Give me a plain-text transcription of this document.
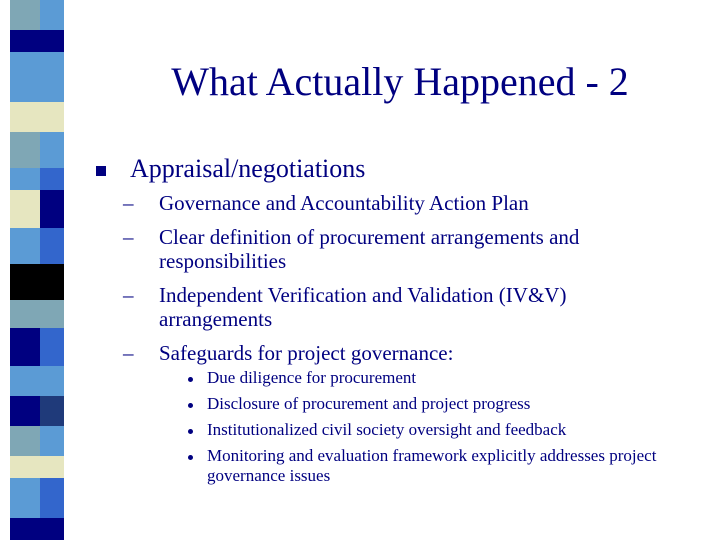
What Actually Happened - 2
Appraisal/negotiations
– Governance and Accountability Action Plan
– Clear definition of procurement arrangements and responsibilities
– Independent Verification and Validation (IV&V) arrangements
– Safeguards for project governance:
Due diligence for procurement
Disclosure of procurement and project progress
Institutionalized civil society oversight and feedback
Monitoring and evaluation framework explicitly addresses project governance issues
